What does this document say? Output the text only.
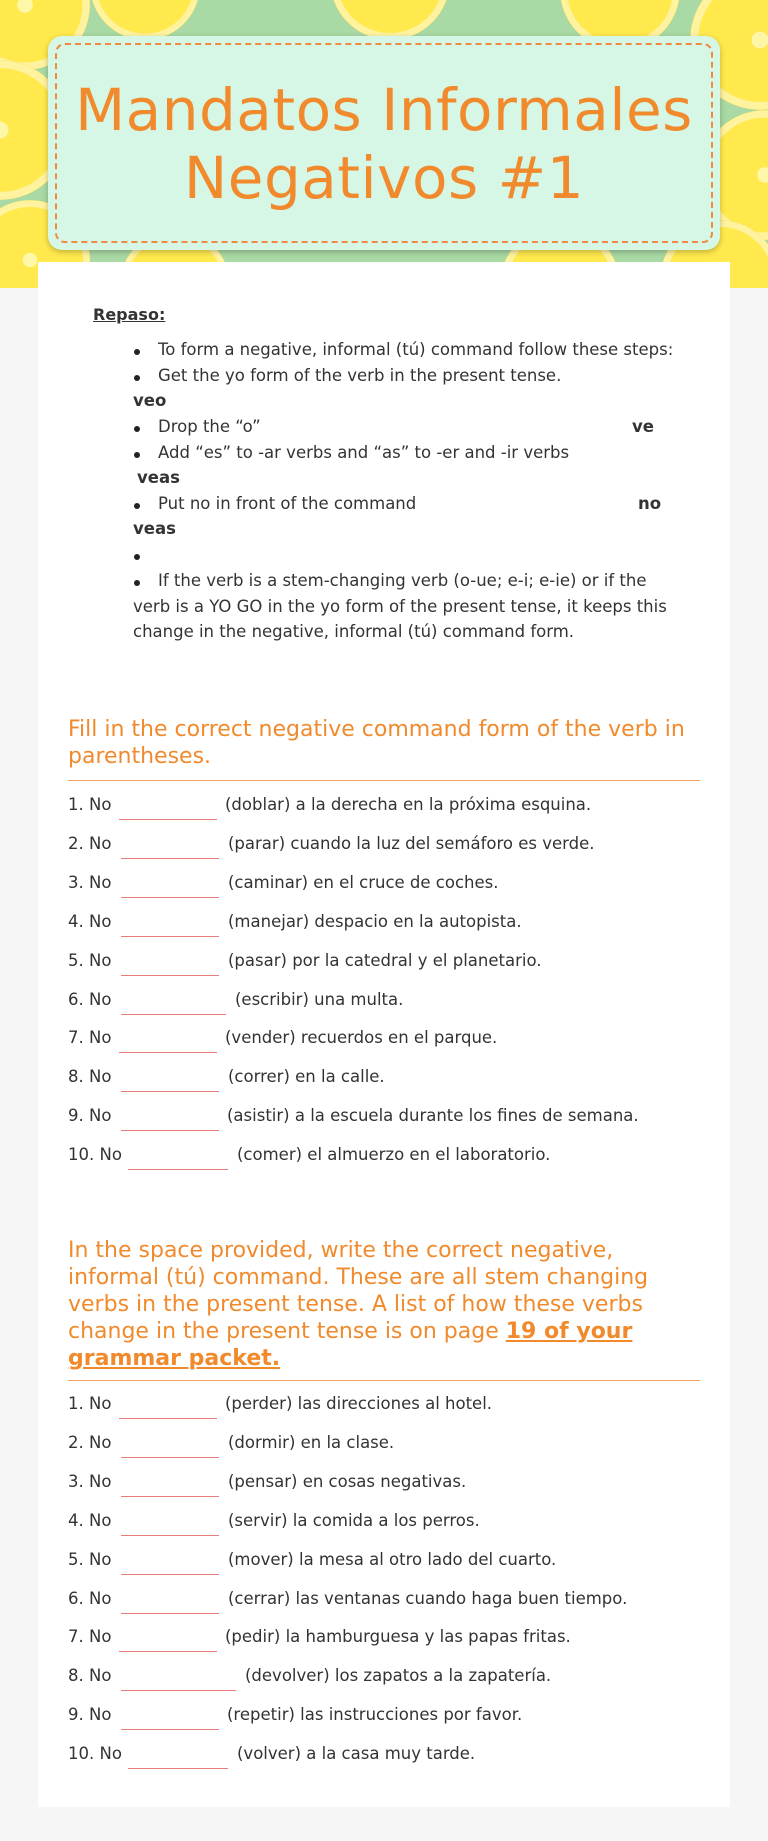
Mandatos Informales
Negativos #1
Repaso:
To form a negative, informal (tú) command follow these steps:
Get the yo form of the verb in the present tense.
veo
Drop the “o”	ve
Add “es” to -ar verbs and “as” to -er and -ir verbs
veas
Put no in front of the command	no
veas
If the verb is a stem-changing verb (o-ue; e-i; e-ie) or if the
verb is a YO GO in the yo form of the present tense, it keeps this
change in the negative, informal (tú) command form.
Fill in the correct negative command form of the verb in
parentheses.
1. No	(doblar) a la derecha en la próxima esquina.
2. No	(parar) cuando la luz del semáforo es verde.
3. No	(caminar) en el cruce de coches.
4. No	(manejar) despacio en la autopista.
5. No	(pasar) por la catedral y el planetario.
6. No	(escribir) una multa.
7. No	(vender) recuerdos en el parque.
8. No	(correr) en la calle.
9. No	(asistir) a la escuela durante los fines de semana.
10. No	(comer) el almuerzo en el laboratorio.
In the space provided, write the correct negative,
informal (tú) command. These are all stem changing
verbs in the present tense. A list of how these verbs
change in the present tense is on page 19 of your
grammar packet.
1. No	(perder) las direcciones al hotel.
2. No	(dormir) en la clase.
3. No	(pensar) en cosas negativas.
4. No	(servir) la comida a los perros.
5. No	(mover) la mesa al otro lado del cuarto.
6. No	(cerrar) las ventanas cuando haga buen tiempo.
7. No	(pedir) la hamburguesa y las papas fritas.
8. No	(devolver) los zapatos a la zapatería.
9. No	(repetir) las instrucciones por favor.
10. No	(volver) a la casa muy tarde.
